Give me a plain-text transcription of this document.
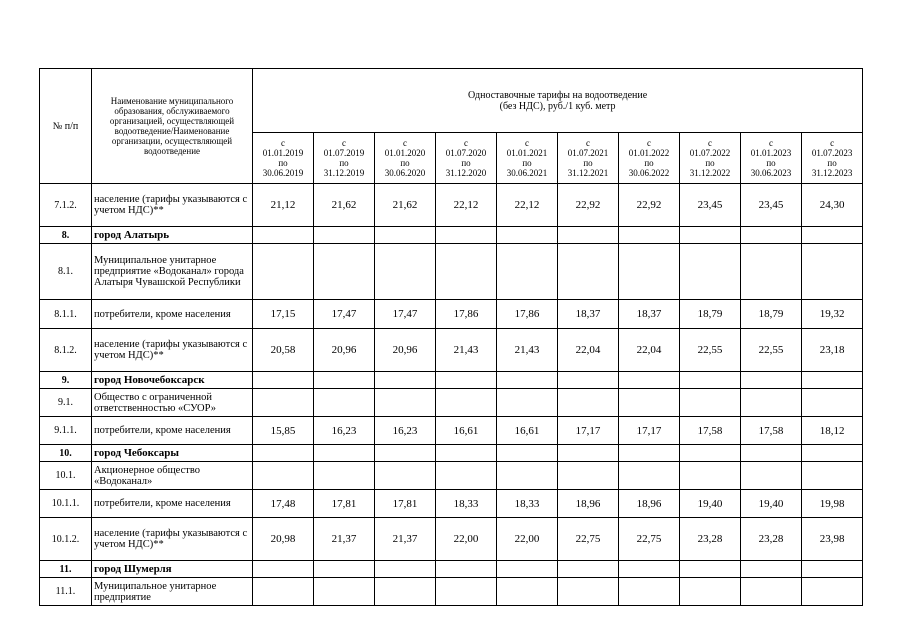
№ п/п	Наименование муниципального образования, обслуживаемого организацией, осуществляющей водоотведение/Наименование организации, осуществляющей водоотведение	Одноставочные тарифы на водоотведение
(без НДС), руб./1 куб. метр									

		с
01.01.2019
по
30.06.2019	с
01.07.2019
по
31.12.2019	с
01.01.2020
по
30.06.2020	с
01.07.2020
по
31.12.2020	с
01.01.2021
по
30.06.2021	с
01.07.2021
по
31.12.2021	с
01.01.2022
по
30.06.2022	с
01.07.2022
по
31.12.2022	с
01.01.2023
по
30.06.2023	с
01.07.2023
по
31.12.2023

7.1.2.	население (тарифы указываются с учетом НДС)**	21,12	21,62	21,62	22,12	22,12	22,92	22,92	23,45	23,45	24,30
8.	город Алатырь										
8.1.	Муниципальное унитарное предприятие «Водоканал» города Алатыря Чувашской Республики										
8.1.1.	потребители, кроме населения	17,15	17,47	17,47	17,86	17,86	18,37	18,37	18,79	18,79	19,32
8.1.2.	население (тарифы указываются с учетом НДС)**	20,58	20,96	20,96	21,43	21,43	22,04	22,04	22,55	22,55	23,18
9.	город Новочебоксарск										
9.1.	Общество с ограниченной ответственностью «СУОР»										
9.1.1.	потребители, кроме населения	15,85	16,23	16,23	16,61	16,61	17,17	17,17	17,58	17,58	18,12
10.	город Чебоксары										
10.1.	Акционерное общество «Водоканал»										
10.1.1.	потребители, кроме населения	17,48	17,81	17,81	18,33	18,33	18,96	18,96	19,40	19,40	19,98
10.1.2.	население (тарифы указываются с учетом НДС)**	20,98	21,37	21,37	22,00	22,00	22,75	22,75	23,28	23,28	23,98
11.	город Шумерля										
11.1.	Муниципальное унитарное предприятие										
